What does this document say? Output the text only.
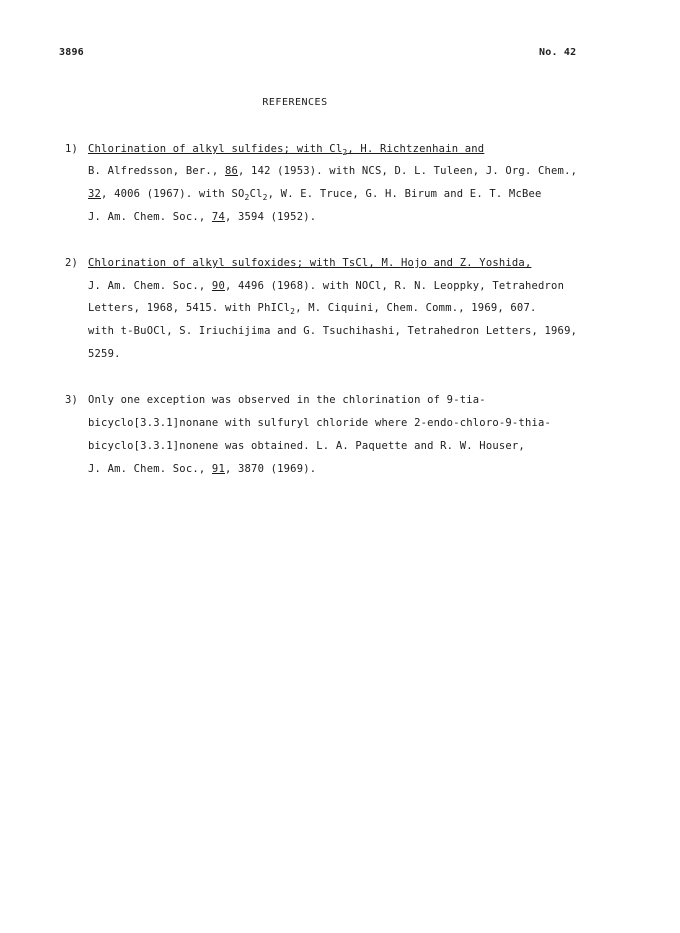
3896	No. 42
REFERENCES
1) Chlorination of alkyl sulfides; with $Cl_2$, H. Richtzenhain and
B. Alfredsson, Ber., 86, 142 (1953). with NCS, D. L. Tuleen, J. Org. Chem.,
32, 4006 (1967). with $SO_2Cl_2$, W. E. Truce, G. H. Birum and E. T. McBee
J. Am. Chem. Soc., 74, 3594 (1952).
2) Chlorination of alkyl sulfoxides; with TsCl, M. Hojo and Z. Yoshida,
J. Am. Chem. Soc., 90, 4496 (1968). with NOCl, R. N. Leoppky, Tetrahedron
Letters, 1968, 5415. with PhICl$_2$, M. Ciquini, Chem. Comm., 1969, 607.
with t-BuOCl, S. Iriuchijima and G. Tsuchihashi, Tetrahedron Letters, 1969,
5259.
3) Only one exception was observed in the chlorination of 9-tia-
bicyclo[3.3.1]nonane with sulfuryl chloride where 2-endo-chloro-9-thia-
bicyclo[3.3.1]nonene was obtained. L. A. Paquette and R. W. Houser,
J. Am. Chem. Soc., 91, 3870 (1969).
